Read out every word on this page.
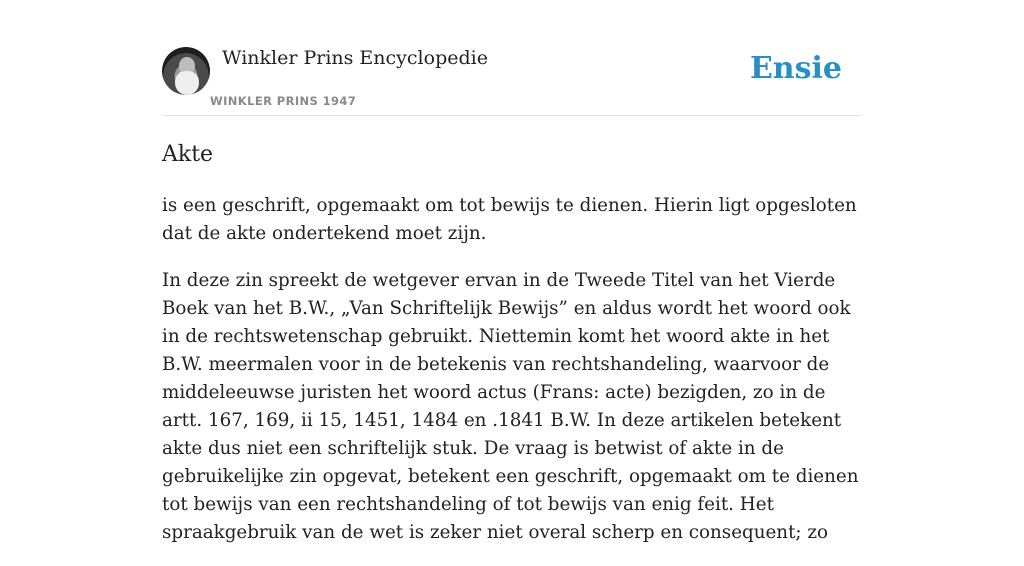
Winkler Prins Encyclopedie
WINKLER PRINS 1947
Ensie
Akte

is een geschrift, opgemaakt om tot bewijs te dienen. Hierin ligt opgesloten dat de akte ondertekend moet zijn.

In deze zin spreekt de wetgever ervan in de Tweede Titel van het Vierde Boek van het B.W., „Van Schriftelijk Bewijs” en aldus wordt het woord ook in de rechtswetenschap gebruikt. Niettemin komt het woord akte in het B.W. meermalen voor in de betekenis van rechtshandeling, waarvoor de middeleeuwse juristen het woord actus (Frans: acte) bezigden, zo in de artt. 167, 169, ii 15, 1451, 1484 en .1841 B.W. In deze artikelen betekent akte dus niet een schriftelijk stuk. De vraag is betwist of akte in de gebruikelijke zin opgevat, betekent een geschrift, opgemaakt om te dienen tot bewijs van een rechtshandeling of tot bewijs van enig feit. Het spraakgebruik van de wet is zeker niet overal scherp en consequent; zo
